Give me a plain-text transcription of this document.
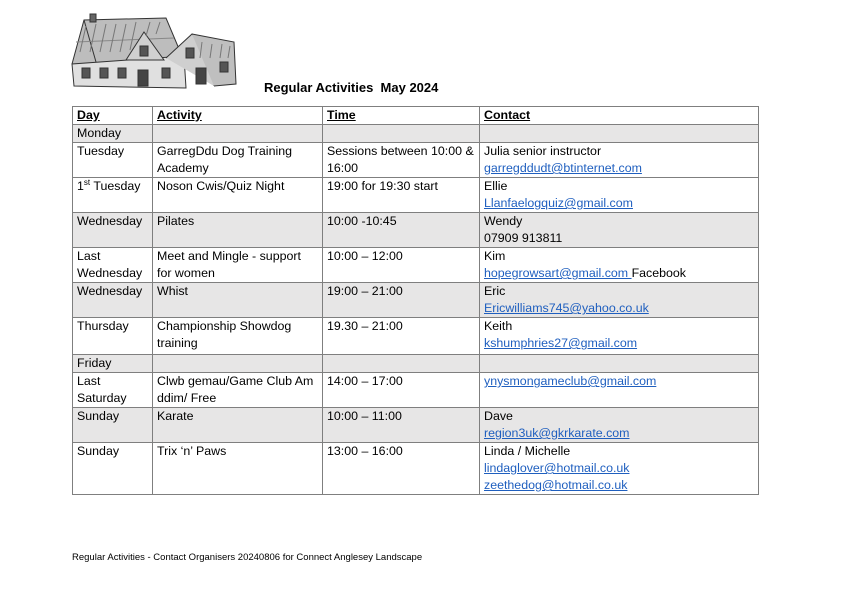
Regular Activities  May 2024
Day	Activity	Time	Contact
Monday			
Tuesday	GarregDdu Dog Training Academy	Sessions between 10:00 & 16:00	Julia senior instructor
garregddudt@btinternet.com
1st Tuesday	Noson Cwis/Quiz Night	19:00 for 19:30 start	Ellie
Llanfaelogquiz@gmail.com
Wednesday	Pilates	10:00 -10:45	Wendy
07909 913811

Last Wednesday	Meet and Mingle - support for women	10:00 – 12:00	Kim
hopegrowsart@gmail.com Facebook
Wednesday	Whist	19:00 – 21:00	Eric
Ericwilliams745@yahoo.co.uk
Thursday	Championship Showdog training	19.30 – 21:00	Keith
kshumphries27@gmail.com
Friday			
Last Saturday	Clwb gemau/Game Club Am ddim/ Free	14:00 – 17:00	ynysmongameclub@gmail.com
Sunday	Karate	10:00 – 11:00	Dave
region3uk@gkrkarate.com
Sunday	Trix ‘n’ Paws	13:00 – 16:00	Linda / Michelle
lindaglover@hotmail.co.uk
zeethedog@hotmail.co.uk
Regular Activities - Contact Organisers 20240806 for Connect Anglesey Landscape
